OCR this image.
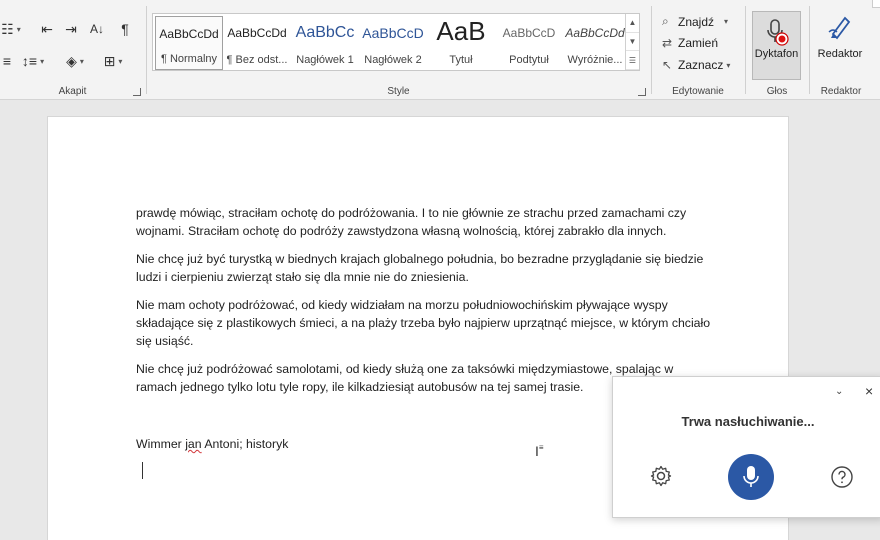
☷ ▾	⇤ ⇥	A↓	¶
≡ ↕≡ ▾	◈ ▾	⊞ ▾
Akapit	Style
AaBbCcDd
¶ Normalny
AaBbCcDd
¶ Bez odst...
AaBbCc
Nagłówek 1
AaBbCcD
Nagłówek 2
AaB
Tytuł
AaBbCcD
Podtytuł
AaBbCcDd
Wyróżnie...
▲
▼
☰
Edytowanie
⌕ Znajdź ▾
⇄ Zamień
↖ Zaznacz ▾
Głos
Dyktafon
Redaktor
Redaktor

prawdę mówiąc, straciłam ochotę do podróżowania. I to nie głównie ze strachu przed zamachami czy wojnami. Straciłam ochotę do podróży zawstydzona własną wolnością, której zabrakło dla innych.

Nie chcę już być turystką w biednych krajach globalnego południa, bo bezradne przyglądanie się biedzie ludzi i cierpieniu zwierząt stało się dla mnie nie do zniesienia.

Nie mam ochoty podróżować, od kiedy widziałam na morzu południowochińskim pływające wyspy składające się z plastikowych śmieci, a na plaży trzeba było najpierw uprzątnąć miejsce, w którym chciało się usiąść.

Nie chcę już podróżować samolotami, od kiedy służą one za taksówki międzymiastowe, spalając w ramach jednego tylko lotu tyle ropy, ile kilkadziesiąt autobusów na tej samej trasie.

Wimmer jan Antoni; historyk	I≡
⌄ ×
Trwa nasłuchiwanie...
